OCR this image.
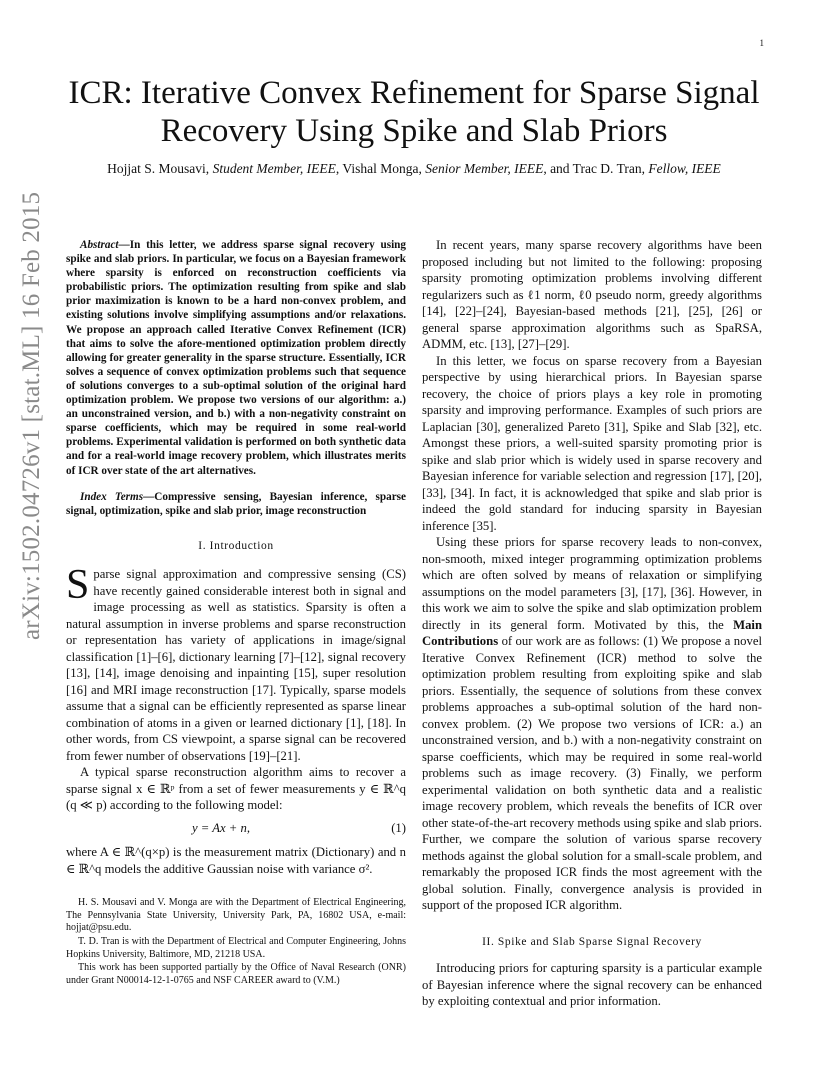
1
arXiv:1502.04726v1 [stat.ML] 16 Feb 2015
ICR: Iterative Convex Refinement for Sparse Signal
Recovery Using Spike and Slab Priors
Hojjat S. Mousavi, Student Member, IEEE, Vishal Monga, Senior Member, IEEE, and Trac D. Tran, Fellow, IEEE

Abstract—In this letter, we address sparse signal recovery using spike and slab priors. In particular, we focus on a Bayesian framework where sparsity is enforced on reconstruction coefficients via probabilistic priors. The optimization resulting from spike and slab prior maximization is known to be a hard non-convex problem, and existing solutions involve simplifying assumptions and/or relaxations. We propose an approach called Iterative Convex Refinement (ICR) that aims to solve the afore-mentioned optimization problem directly allowing for greater generality in the sparse structure. Essentially, ICR solves a sequence of convex optimization problems such that sequence of solutions converges to a sub-optimal solution of the original hard optimization problem. We propose two versions of our algorithm: a.) an unconstrained version, and b.) with a non-negativity constraint on sparse coefficients, which may be required in some real-world problems. Experimental validation is performed on both synthetic data and for a real-world image recovery problem, which illustrates merits of ICR over state of the art alternatives.

Index Terms—Compressive sensing, Bayesian inference, sparse signal, optimization, spike and slab prior, image reconstruction

I. Introduction

Sparse signal approximation and compressive sensing (CS) have recently gained considerable interest both in signal and image processing as well as statistics. Sparsity is often a natural assumption in inverse problems and sparse reconstruction or representation has variety of applications in image/signal classification [1]–[6], dictionary learning [7]–[12], signal recovery [13], [14], image denoising and inpainting [15], super resolution [16] and MRI image reconstruction [17]. Typically, sparse models assume that a signal can be efficiently represented as sparse linear combination of atoms in a given or learned dictionary [1], [18]. In other words, from CS viewpoint, a sparse signal can be recovered from fewer number of observations [19]–[21].

A typical sparse reconstruction algorithm aims to recover a sparse signal x ∈ ℝᵖ from a set of fewer measurements y ∈ ℝ^q (q ≪ p) according to the following model:

y = Ax + n,	(1)

where A ∈ ℝ^(q×p) is the measurement matrix (Dictionary) and n ∈ ℝ^q models the additive Gaussian noise with variance σ².

H. S. Mousavi and V. Monga are with the Department of Electrical Engineering, The Pennsylvania State University, University Park, PA, 16802 USA, e-mail: hojjat@psu.edu.

T. D. Tran is with the Department of Electrical and Computer Engineering, Johns Hopkins University, Baltimore, MD, 21218 USA.

This work has been supported partially by the Office of Naval Research (ONR) under Grant N00014-12-1-0765 and NSF CAREER award to (V.M.)

In recent years, many sparse recovery algorithms have been proposed including but not limited to the following: proposing sparsity promoting optimization problems involving different regularizers such as ℓ1 norm, ℓ0 pseudo norm, greedy algorithms [14], [22]–[24], Bayesian-based methods [21], [25], [26] or general sparse approximation algorithms such as SpaRSA, ADMM, etc. [13], [27]–[29].

In this letter, we focus on sparse recovery from a Bayesian perspective by using hierarchical priors. In Bayesian sparse recovery, the choice of priors plays a key role in promoting sparsity and improving performance. Examples of such priors are Laplacian [30], generalized Pareto [31], Spike and Slab [32], etc. Amongst these priors, a well-suited sparsity promoting prior is spike and slab prior which is widely used in sparse recovery and Bayesian inference for variable selection and regression [17], [20], [33], [34]. In fact, it is acknowledged that spike and slab prior is indeed the gold standard for inducing sparsity in Bayesian inference [35].

Using these priors for sparse recovery leads to non-convex, non-smooth, mixed integer programming optimization problems which are often solved by means of relaxation or simplifying assumptions on the model parameters [3], [17], [36]. However, in this work we aim to solve the spike and slab optimization problem directly in its general form. Motivated by this, the Main Contributions of our work are as follows: (1) We propose a novel Iterative Convex Refinement (ICR) method to solve the optimization problem resulting from exploiting spike and slab priors. Essentially, the sequence of solutions from these convex problems approaches a sub-optimal solution of the hard non-convex problem. (2) We propose two versions of ICR: a.) an unconstrained version, and b.) with a non-negativity constraint on sparse coefficients, which may be required in some real-world problems such as image recovery. (3) Finally, we perform experimental validation on both synthetic data and a realistic image recovery problem, which reveals the benefits of ICR over other state-of-the-art recovery methods using spike and slab priors. Further, we compare the solution of various sparse recovery methods against the global solution for a small-scale problem, and remarkably the proposed ICR finds the most agreement with the global solution. Finally, convergence analysis is provided in support of the proposed ICR algorithm.

II. Spike and Slab Sparse Signal Recovery

Introducing priors for capturing sparsity is a particular example of Bayesian inference where the signal recovery can be enhanced by exploiting contextual and prior information.
